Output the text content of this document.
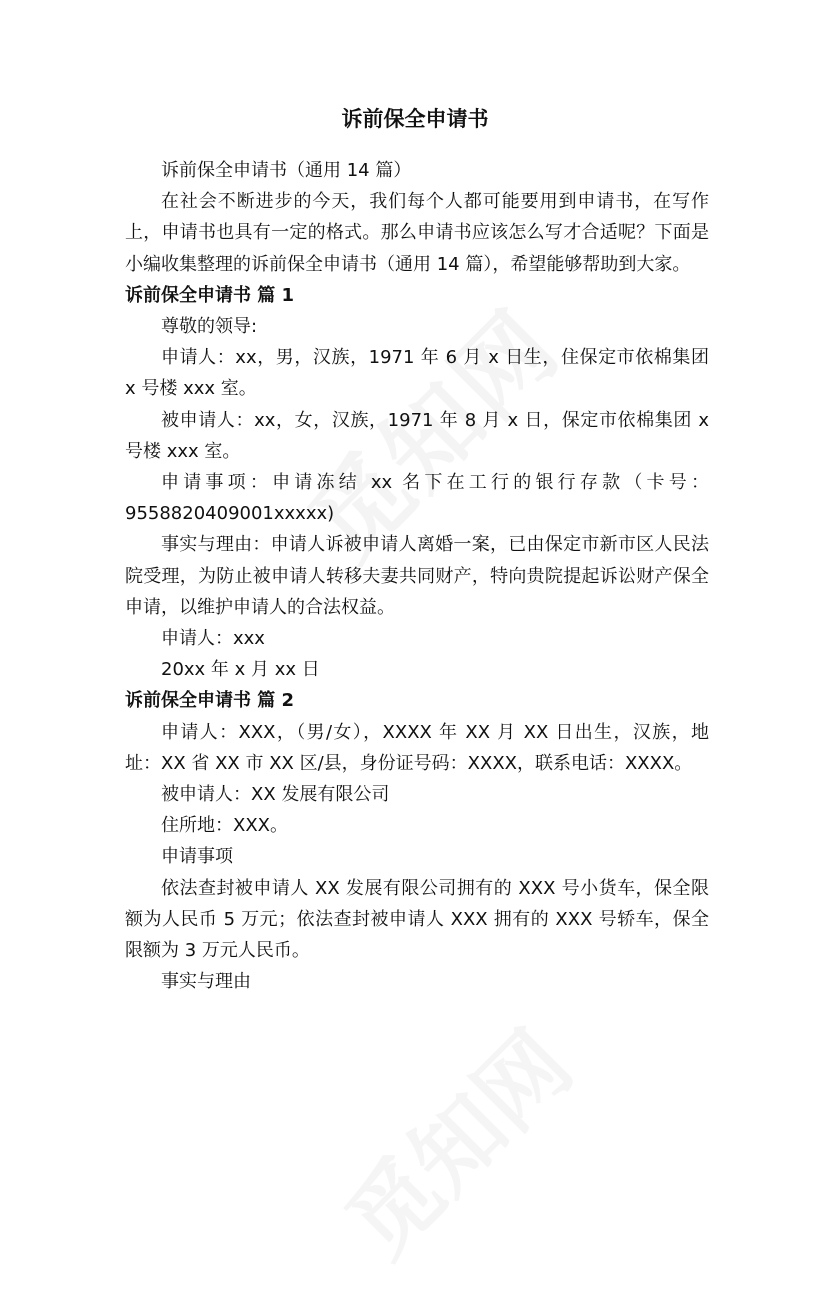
诉前保全申请书

诉前保全申请书（通用 14 篇）

在社会不断进步的今天，我们每个人都可能要用到申请书，在写作上，申请书也具有一定的格式。那么申请书应该怎么写才合适呢？下面是小编收集整理的诉前保全申请书（通用 14 篇），希望能够帮助到大家。

诉前保全申请书 篇 1

尊敬的领导:

申请人：xx，男，汉族，1971 年 6 月 x 日生，住保定市依棉集团 x 号楼 xxx 室。

被申请人：xx，女，汉族，1971 年 8 月 x 日，保定市依棉集团 x 号楼 xxx 室。

申请事项：申请冻结 xx 名下在工行的银行存款（卡号：9558820409001xxxxx)

事实与理由：申请人诉被申请人离婚一案，已由保定市新市区人民法院受理，为防止被申请人转移夫妻共同财产，特向贵院提起诉讼财产保全申请，以维护申请人的合法权益。

申请人：xxx

20xx 年 x 月 xx 日

诉前保全申请书 篇 2

申请人：XXX，（男/女），XXXX 年 XX 月 XX 日出生，汉族，地址：XX 省 XX 市 XX 区/县，身份证号码：XXXX，联系电话：XXXX。

被申请人：XX 发展有限公司

住所地：XXX。

申请事项

依法查封被申请人 XX 发展有限公司拥有的 XXX 号小货车，保全限额为人民币 5 万元；依法查封被申请人 XXX 拥有的 XXX 号轿车，保全限额为 3 万元人民币。

事实与理由
